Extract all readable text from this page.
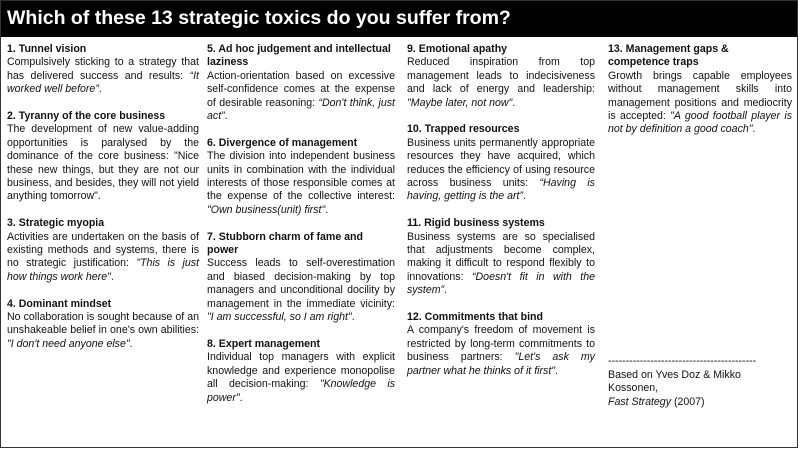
Which of these 13 strategic toxics do you suffer from?
1. Tunnel vision
Compulsively sticking to a strategy that has delivered success and results: “It worked well before”.
2. Tyranny of the core business
The development of new value-adding opportunities is paralysed by the dominance of the core business: "Nice these new things, but they are not our business, and besides, they will not yield anything tomorrow".
3. Strategic myopia
Activities are undertaken on the basis of existing methods and systems, there is no strategic justification: "This is just how things work here".
4. Dominant mindset
No collaboration is sought because of an unshakeable belief in one's own abilities: "I don't need anyone else".
5. Ad hoc judgement and intellectual laziness
Action-orientation based on excessive self-confidence comes at the expense of desirable reasoning: “Don't think, just act”.
6. Divergence of management
The division into independent business units in combination with the individual interests of those responsible comes at the expense of the collective interest: "Own business(unit) first".
7. Stubborn charm of fame and power
Success leads to self-overestimation and biased decision-making by top managers and unconditional docility by management in the immediate vicinity: "I am successful, so I am right".
8. Expert management
Individual top managers with explicit knowledge and experience monopolise all decision-making: "Knowledge is power".
9. Emotional apathy
Reduced inspiration from top management leads to indecisiveness and lack of energy and leadership: "Maybe later, not now".
10. Trapped resources
Business units permanently appropriate resources they have acquired, which reduces the efficiency of using resource across business units: “Having is having, getting is the art”.
11. Rigid business systems
Business systems are so specialised that adjustments become complex, making it difficult to respond flexibly to innovations: “Doesn't fit in with the system”.
12. Commitments that bind
A company's freedom of movement is restricted by long-term commitments to business partners: "Let's ask my partner what he thinks of it first".
13. Management gaps & competence traps
Growth brings capable employees without management skills into management positions and mediocrity is accepted: "A good football player is not by definition a good coach".
------------------------------------------
Based on Yves Doz & Mikko Kossonen,
Fast Strategy (2007)
